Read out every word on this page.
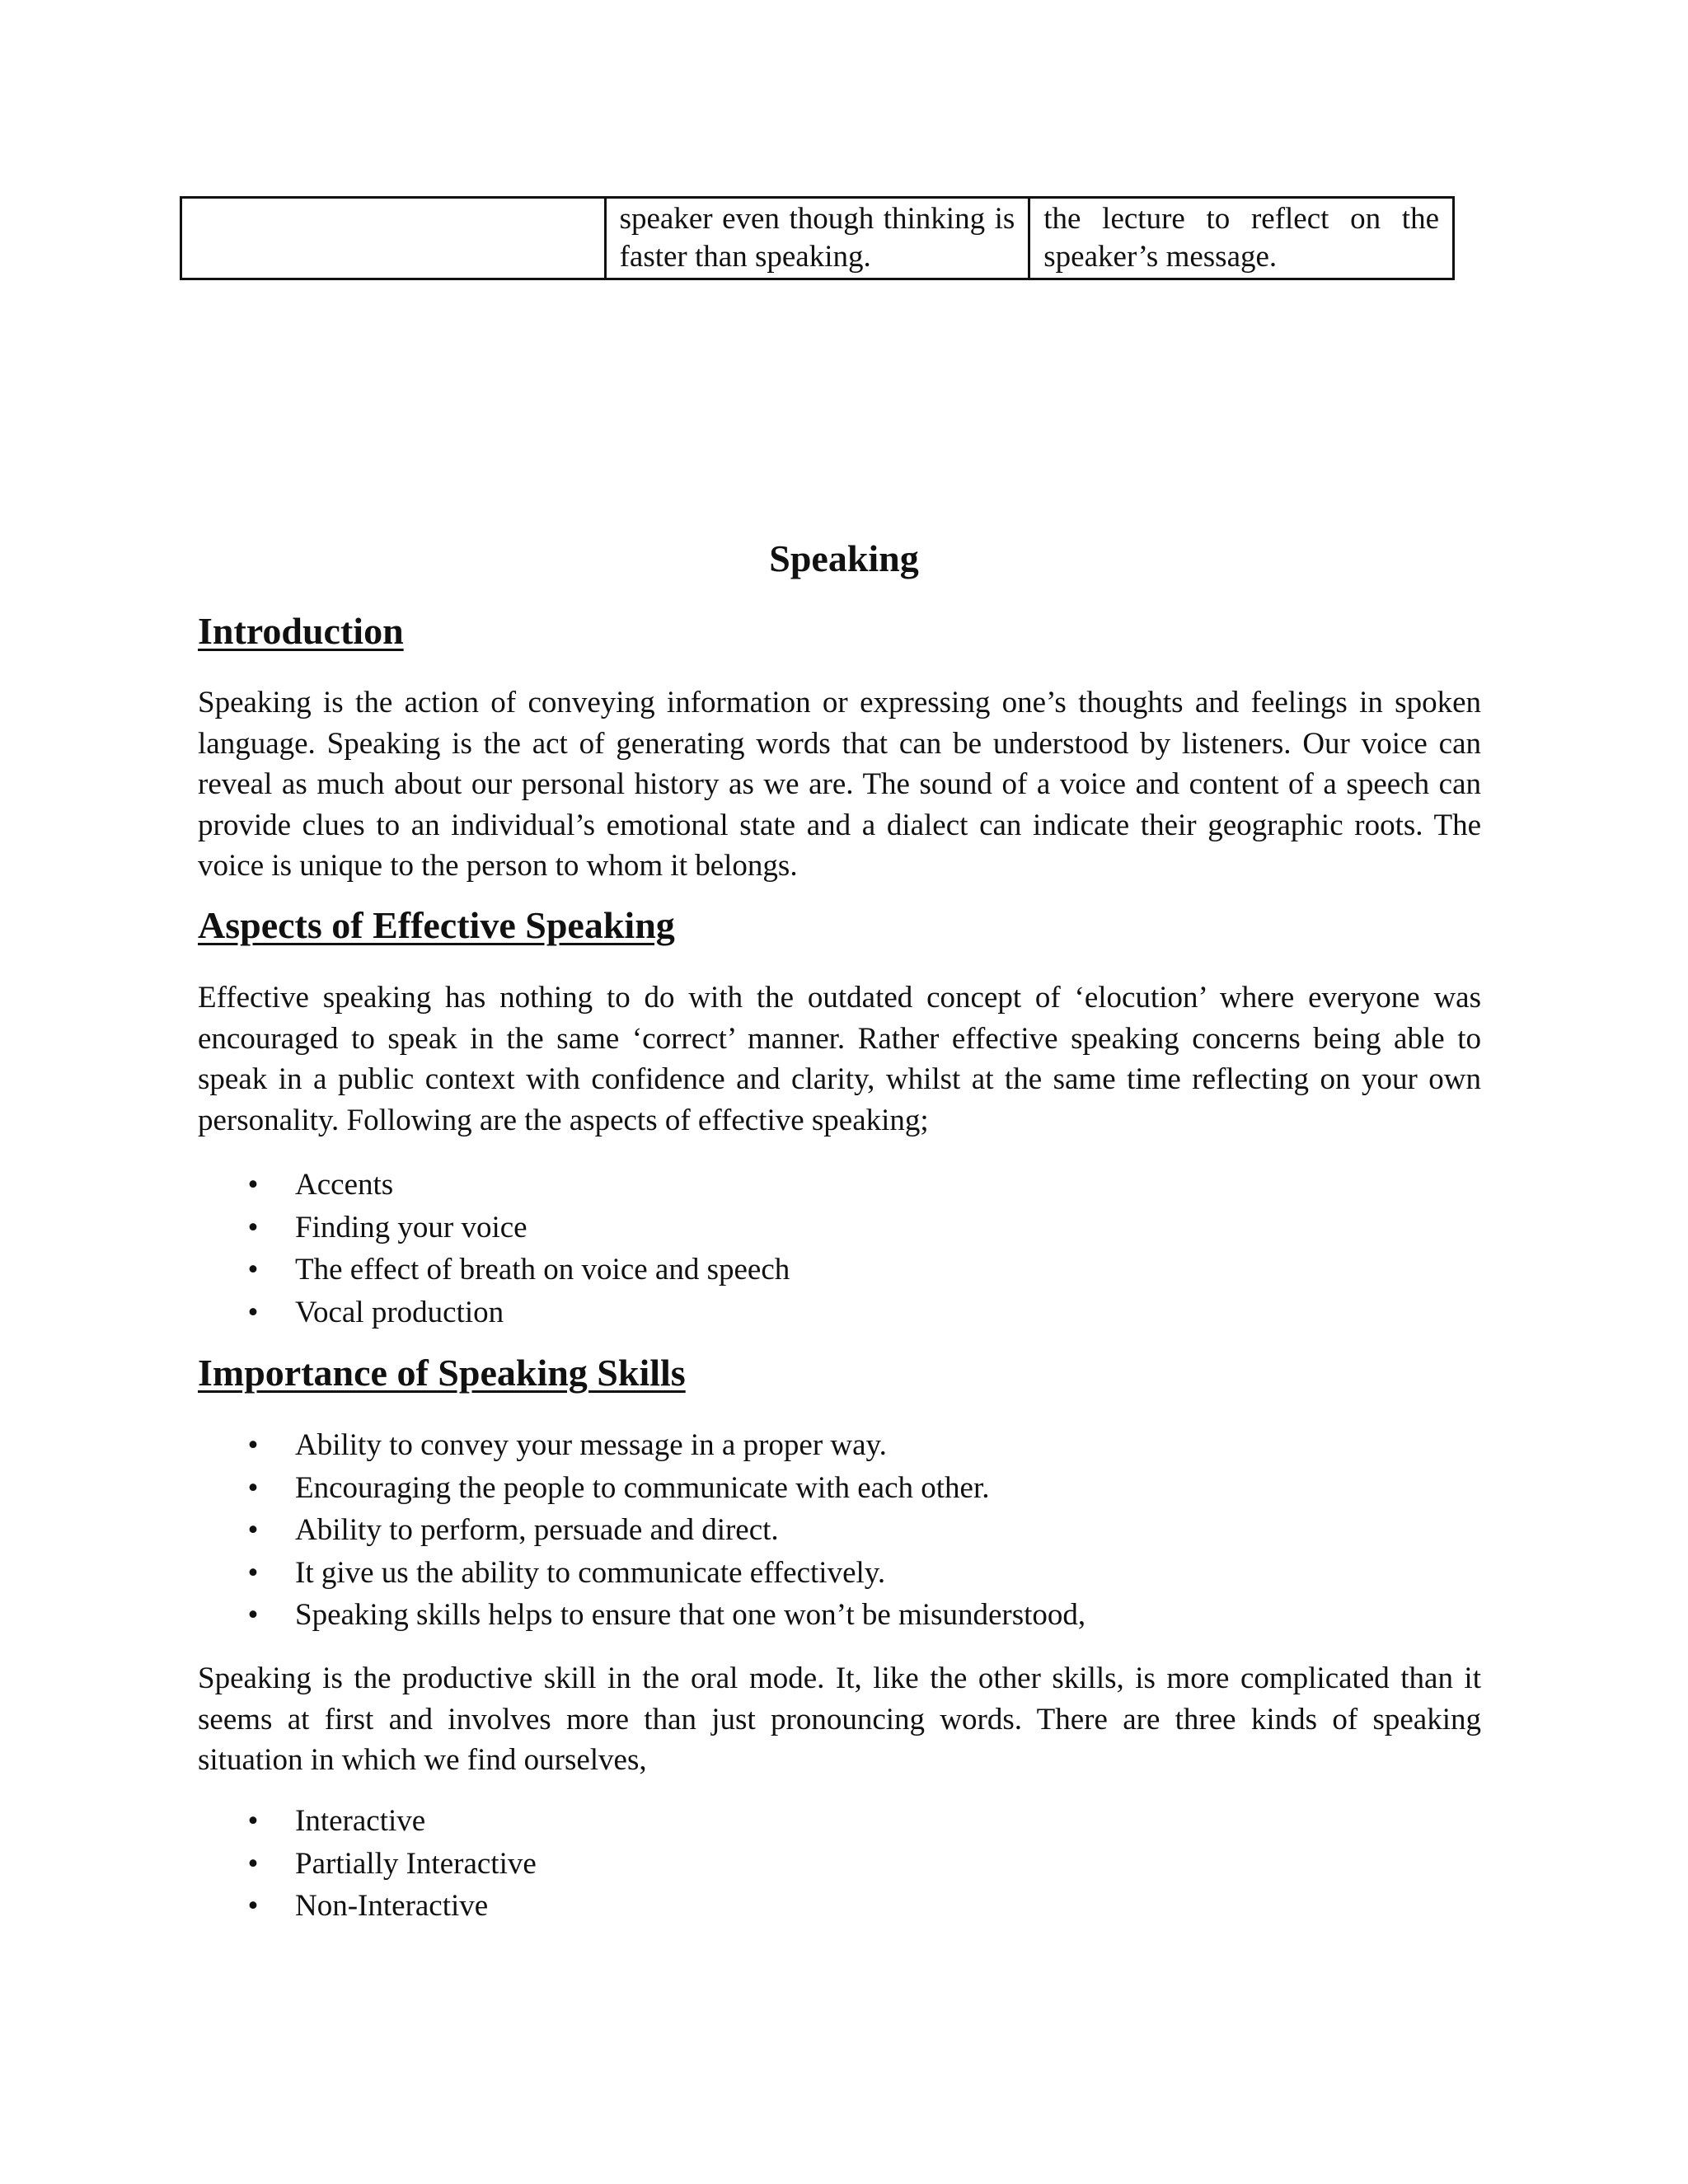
	speaker even though thinking is faster than speaking.	the lecture to reflect on the speaker’s message.
Speaking
Introduction

Speaking is the action of conveying information or expressing one’s thoughts and feelings in spoken language. Speaking is the act of generating words that can be understood by listeners. Our voice can reveal as much about our personal history as we are. The sound of a voice and content of a speech can provide clues to an individual’s emotional state and a dialect can indicate their geographic roots. The voice is unique to the person to whom it belongs.

Aspects of Effective Speaking

Effective speaking has nothing to do with the outdated concept of ‘elocution’ where everyone was encouraged to speak in the same ‘correct’ manner. Rather effective speaking concerns being able to speak in a public context with confidence and clarity, whilst at the same time reflecting on your own personality. Following are the aspects of effective speaking;

• Accents
• Finding your voice
• The effect of breath on voice and speech
• Vocal production
Importance of Speaking Skills
• Ability to convey your message in a proper way.
• Encouraging the people to communicate with each other.
• Ability to perform, persuade and direct.
• It give us the ability to communicate effectively.
• Speaking skills helps to ensure that one won’t be misunderstood,

Speaking is the productive skill in the oral mode. It, like the other skills, is more complicated than it seems at first and involves more than just pronouncing words. There are three kinds of speaking situation in which we find ourselves,

• Interactive
• Partially Interactive
• Non-Interactive
